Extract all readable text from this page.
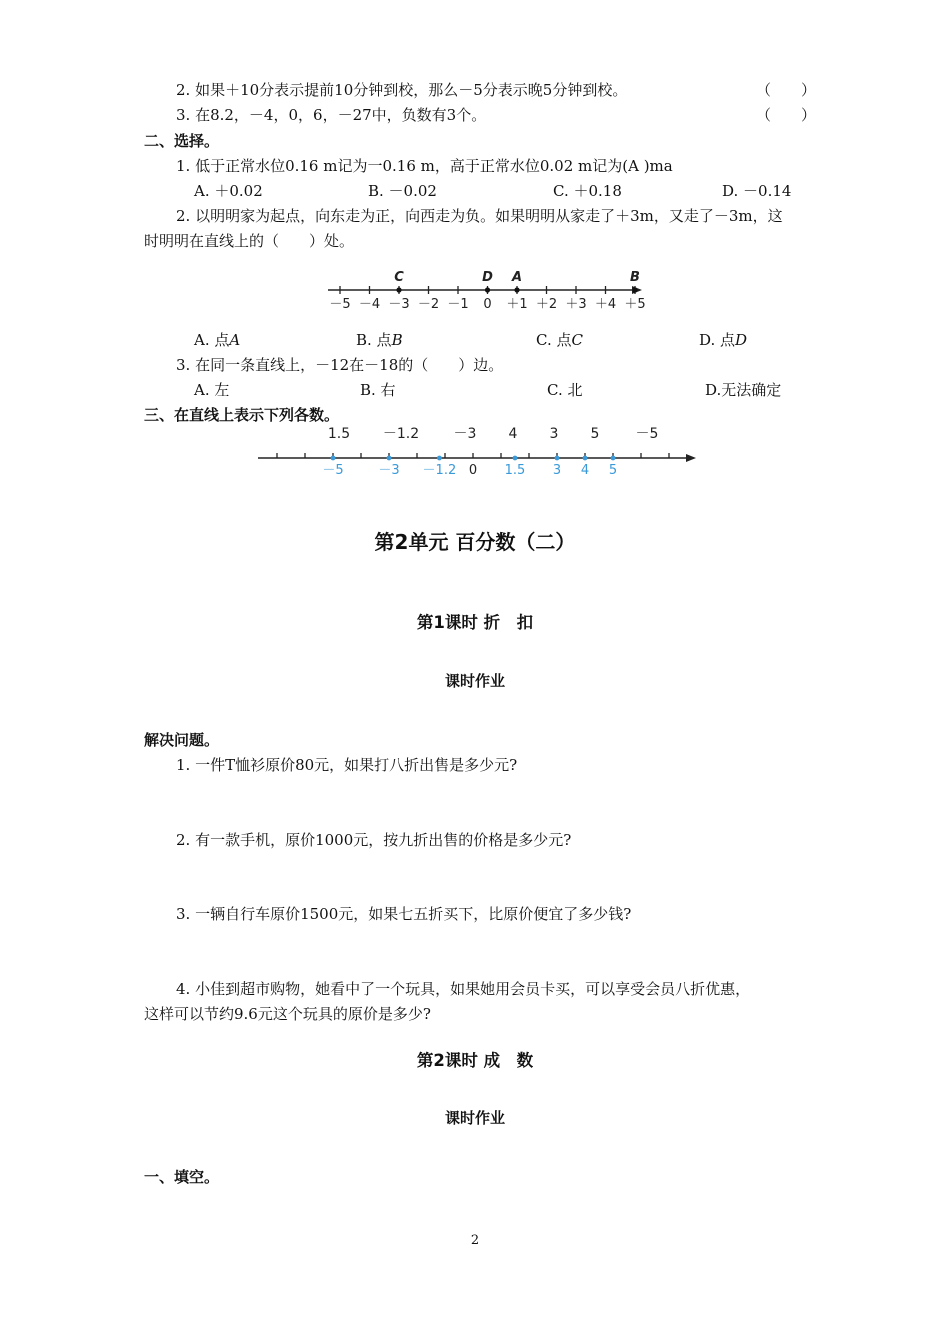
2. 如果＋10分表示提前10分钟到校，那么－5分表示晚5分钟到校。	（　　）
3. 在8.2，－4，0，6，－27中，负数有3个。	（　　）
二、选择。
1. 低于正常水位0.16 m记为一0.16 m，高于正常水位0.02 m记为(A )ma
A. ＋0.02	B. －0.02	C. ＋0.18	D. －0.14
2. 以明明家为起点，向东走为正，向西走为负。如果明明从家走了＋3m，又走了－3m，这
时明明在直线上的（　　）处。
－5 －4 －3 －2 －1 0 ＋1 ＋2 ＋3 ＋4 ＋5
C	D A	B
A. 点A	B. 点B	C. 点C	D. 点D
3. 在同一条直线上，－12在－18的（　　）边。
A. 左	B. 右	C. 北	D.无法确定
三、在直线上表示下列各数。
1.5 －1.2 －3 4 3 5	－5
－5	－3 －1.2 0 1.5 3 4 5
第2单元 百分数（二）
第1课时 折　扣
课时作业
解决问题。
1. 一件T恤衫原价80元，如果打八折出售是多少元?
2. 有一款手机，原价1000元，按九折出售的价格是多少元?
3. 一辆自行车原价1500元，如果七五折买下，比原价便宜了多少钱?
4. 小佳到超市购物，她看中了一个玩具，如果她用会员卡买，可以享受会员八折优惠，
这样可以节约9.6元这个玩具的原价是多少?
第2课时 成　数
课时作业
一、填空。
2
